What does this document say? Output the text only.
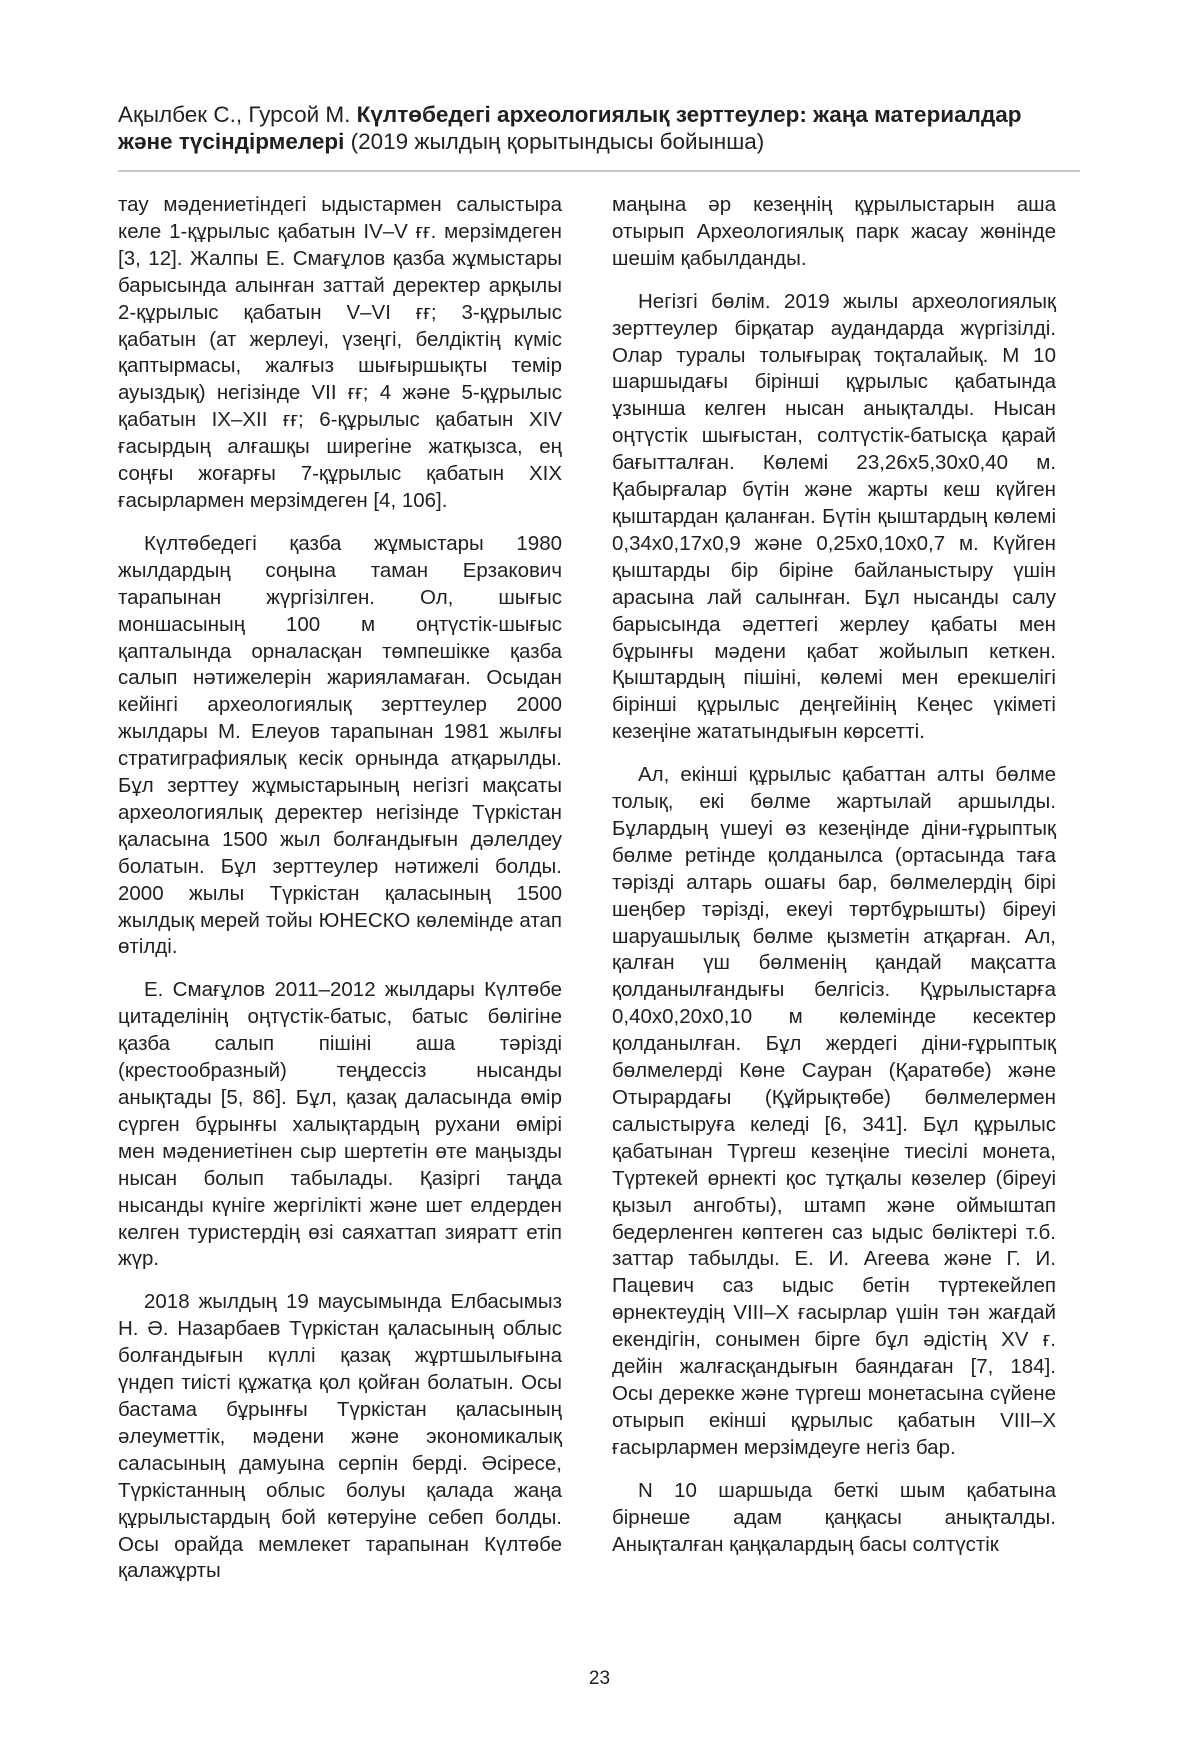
Ақылбек С., Гурсой М. Күлтөбедегі археологиялық зерттеулер: жаңа материалдар және түсіндірмелері (2019 жылдың қорытындысы бойынша)

тау мәдениетіндегі ыдыстармен салыстыра келе 1-құрылыс қабатын IV–V ғғ. мерзімдеген [3, 12]. Жалпы Е. Смағұлов қазба жұмыстары барысында алынған заттай деректер арқылы 2-құрылыс қабатын V–VI ғғ; 3-құрылыс қабатын (ат жерлеуі, үзеңгі, белдіктің күміс қаптырмасы, жалғыз шығыршықты темір ауыздық) негізінде VII ғғ; 4 және 5-құрылыс қабатын IX–XII ғғ; 6-құрылыс қабатын XIV ғасырдың алғашқы ширегіне жатқызса, ең соңғы жоғарғы 7-құрылыс қабатын XIX ғасырлармен мерзімдеген [4, 106].

Күлтөбедегі қазба жұмыстары 1980 жылдардың соңына таман Ерзакович тарапынан жүргізілген. Ол, шығыс моншасының 100 м оңтүстік-шығыс қапталында орналасқан төмпешікке қазба салып нәтижелерін жарияламаған. Осыдан кейінгі археологиялық зерттеулер 2000 жылдары М. Елеуов тарапынан 1981 жылғы стратиграфиялық кесік орнында атқарылды. Бұл зерттеу жұмыстарының негізгі мақсаты археологиялық деректер негізінде Түркістан қаласына 1500 жыл болғандығын дәлелдеу болатын. Бұл зерттеулер нәтижелі болды. 2000 жылы Түркістан қаласының 1500 жылдық мерей тойы ЮНЕСКО көлемінде атап өтілді.

Е. Смағұлов 2011–2012 жылдары Күлтөбе цитаделінің оңтүстік-батыс, батыс бөлігіне қазба салып пішіні аша тәрізді (крестообразный) теңдессіз нысанды анықтады [5, 86]. Бұл, қазақ даласында өмір сүрген бұрынғы халықтардың рухани өмірі мен мәдениетінен сыр шертетін өте маңызды нысан болып табылады. Қазіргі таңда нысанды күніге жергілікті және шет елдерден келген туристердің өзі саяхаттап зияратт етіп жүр.

2018 жылдың 19 маусымында Елбасымыз Н. Ә. Назарбаев Түркістан қаласының облыс болғандығын күллі қазақ жұртшылығына үндеп тиісті құжатқа қол қойған болатын. Осы бастама бұрынғы Түркістан қаласының әлеуметтік, мәдени және экономикалық саласының дамуына серпін берді. Әсіресе, Түркістанның облыс болуы қалада жаңа құрылыстардың бой көтеруіне себеп болды. Осы орайда мемлекет тарапынан Күлтөбе қалажұрты

маңына әр кезеңнің құрылыстарын аша отырып Археологиялық парк жасау жөнінде шешім қабылданды.

Негізгі бөлім. 2019 жылы археологиялық зерттеулер бірқатар аудандарда жүргізілді. Олар туралы толығырақ тоқталайық. М 10 шаршыдағы бірінші құрылыс қабатында ұзынша келген нысан анықталды. Нысан оңтүстік шығыстан, солтүстік-батысқа қарай бағытталған. Көлемі 23,26х5,30х0,40 м. Қабырғалар бүтін және жарты кеш күйген қыштардан қаланған. Бүтін қыштардың көлемі 0,34х0,17х0,9 және 0,25х0,10х0,7 м. Күйген қыштарды бір біріне байланыстыру үшін арасына лай салынған. Бұл нысанды салу барысында әдеттегі жерлеу қабаты мен бұрынғы мәдени қабат жойылып кеткен. Қыштардың пішіні, көлемі мен ерекшелігі бірінші құрылыс деңгейінің Кеңес үкіметі кезеңіне жататындығын көрсетті.

Ал, екінші құрылыс қабаттан алты бөлме толық, екі бөлме жартылай аршылды. Бұлардың үшеуі өз кезеңінде діни-ғұрыптық бөлме ретінде қолданылса (ортасында таға тәрізді алтарь ошағы бар, бөлмелердің бірі шеңбер тәрізді, екеуі төртбұрышты) біреуі шаруашылық бөлме қызметін атқарған. Ал, қалған үш бөлменің қандай мақсатта қолданылғандығы белгісіз. Құрылыстарға 0,40х0,20х0,10 м көлемінде кесектер қолданылған. Бұл жердегі діни-ғұрыптық бөлмелерді Көне Сауран (Қаратөбе) және Отырардағы (Құйрықтөбе) бөлмелермен салыстыруға келеді [6, 341]. Бұл құрылыс қабатынан Түргеш кезеңіне тиесілі монета, Түртекей өрнекті қос тұтқалы көзелер (біреуі қызыл ангобты), штамп және оймыштап бедерленген көптеген саз ыдыс бөліктері т.б. заттар табылды. Е. И. Агеева және Г. И. Пацевич саз ыдыс бетін түртекейлеп өрнектеудің VIII–X ғасырлар үшін тән жағдай екендігін, сонымен бірге бұл әдістің XV ғ. дейін жалғасқандығын баяндаған [7, 184]. Осы дерекке және түргеш монетасына сүйене отырып екінші құрылыс қабатын VIII–X ғасырлармен мерзімдеуге негіз бар.

N 10 шаршыда беткі шым қабатына бірнеше адам қаңқасы анықталды. Анықталған қаңқалардың басы солтүстік

23
